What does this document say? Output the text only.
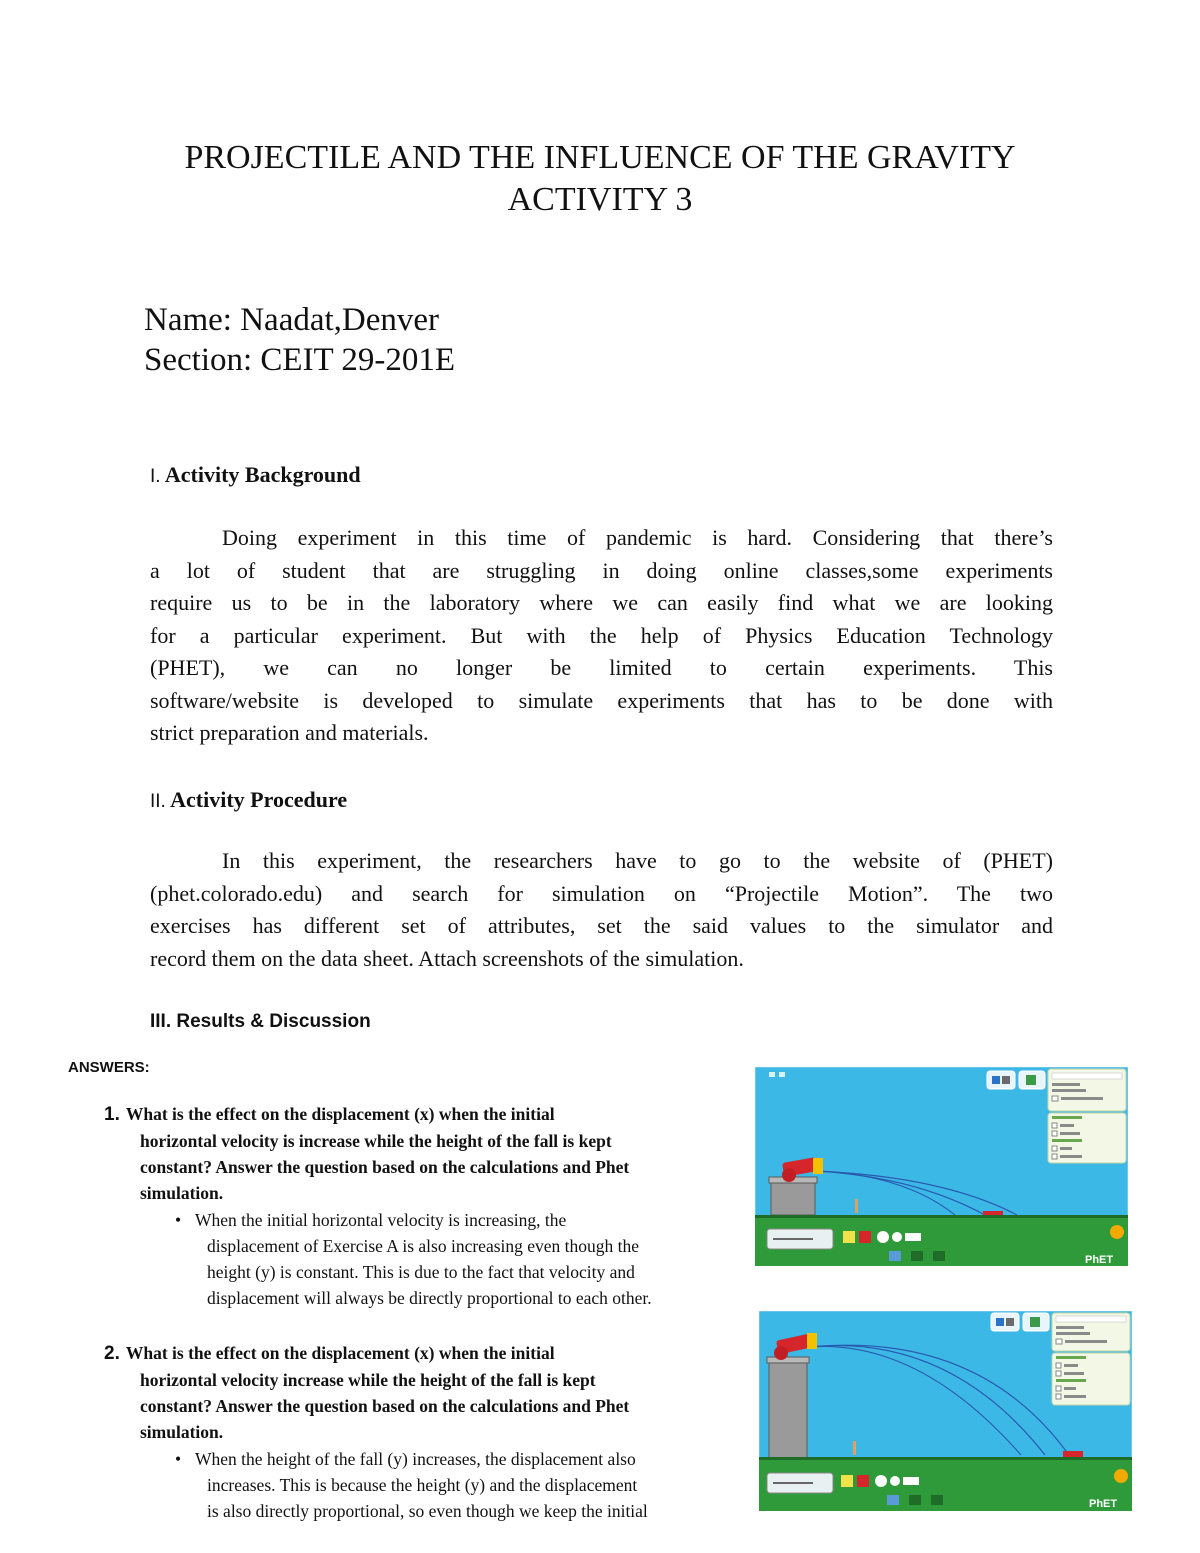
PROJECTILE AND THE INFLUENCE OF THE GRAVITY
ACTIVITY 3
Name: Naadat,Denver
Section: CEIT 29-201E
I. Activity Background
Doing experiment in this time of pandemic is hard. Considering that there’s
a lot of student that are struggling in doing online classes,some experiments
require us to be in the laboratory where we can easily find what we are looking
for a particular experiment. But with the help of Physics Education Technology
(PHET), we can no longer be limited to certain experiments. This
software/website is developed to simulate experiments that has to be done with
strict preparation and materials.
II. Activity Procedure
In this experiment, the researchers have to go to the website of (PHET)
(phet.colorado.edu) and search for simulation on “Projectile Motion”. The two
exercises has different set of attributes, set the said values to the simulator and
record them on the data sheet. Attach screenshots of the simulation.
III. Results & Discussion
ANSWERS:
1. What is the effect on the displacement (x) when the initial
horizontal velocity is increase while the height of the fall is kept
constant? Answer the question based on the calculations and Phet
simulation.
• When the initial horizontal velocity is increasing, the
displacement of Exercise A is also increasing even though the
height (y) is constant. This is due to the fact that velocity and
displacement will always be directly proportional to each other.
2. What is the effect on the displacement (x) when the initial
horizontal velocity increase while the height of the fall is kept
constant? Answer the question based on the calculations and Phet
simulation.
• When the height of the fall (y) increases, the displacement also
increases. This is because the height (y) and the displacement
is also directly proportional, so even though we keep the initial
PhET
PhET
